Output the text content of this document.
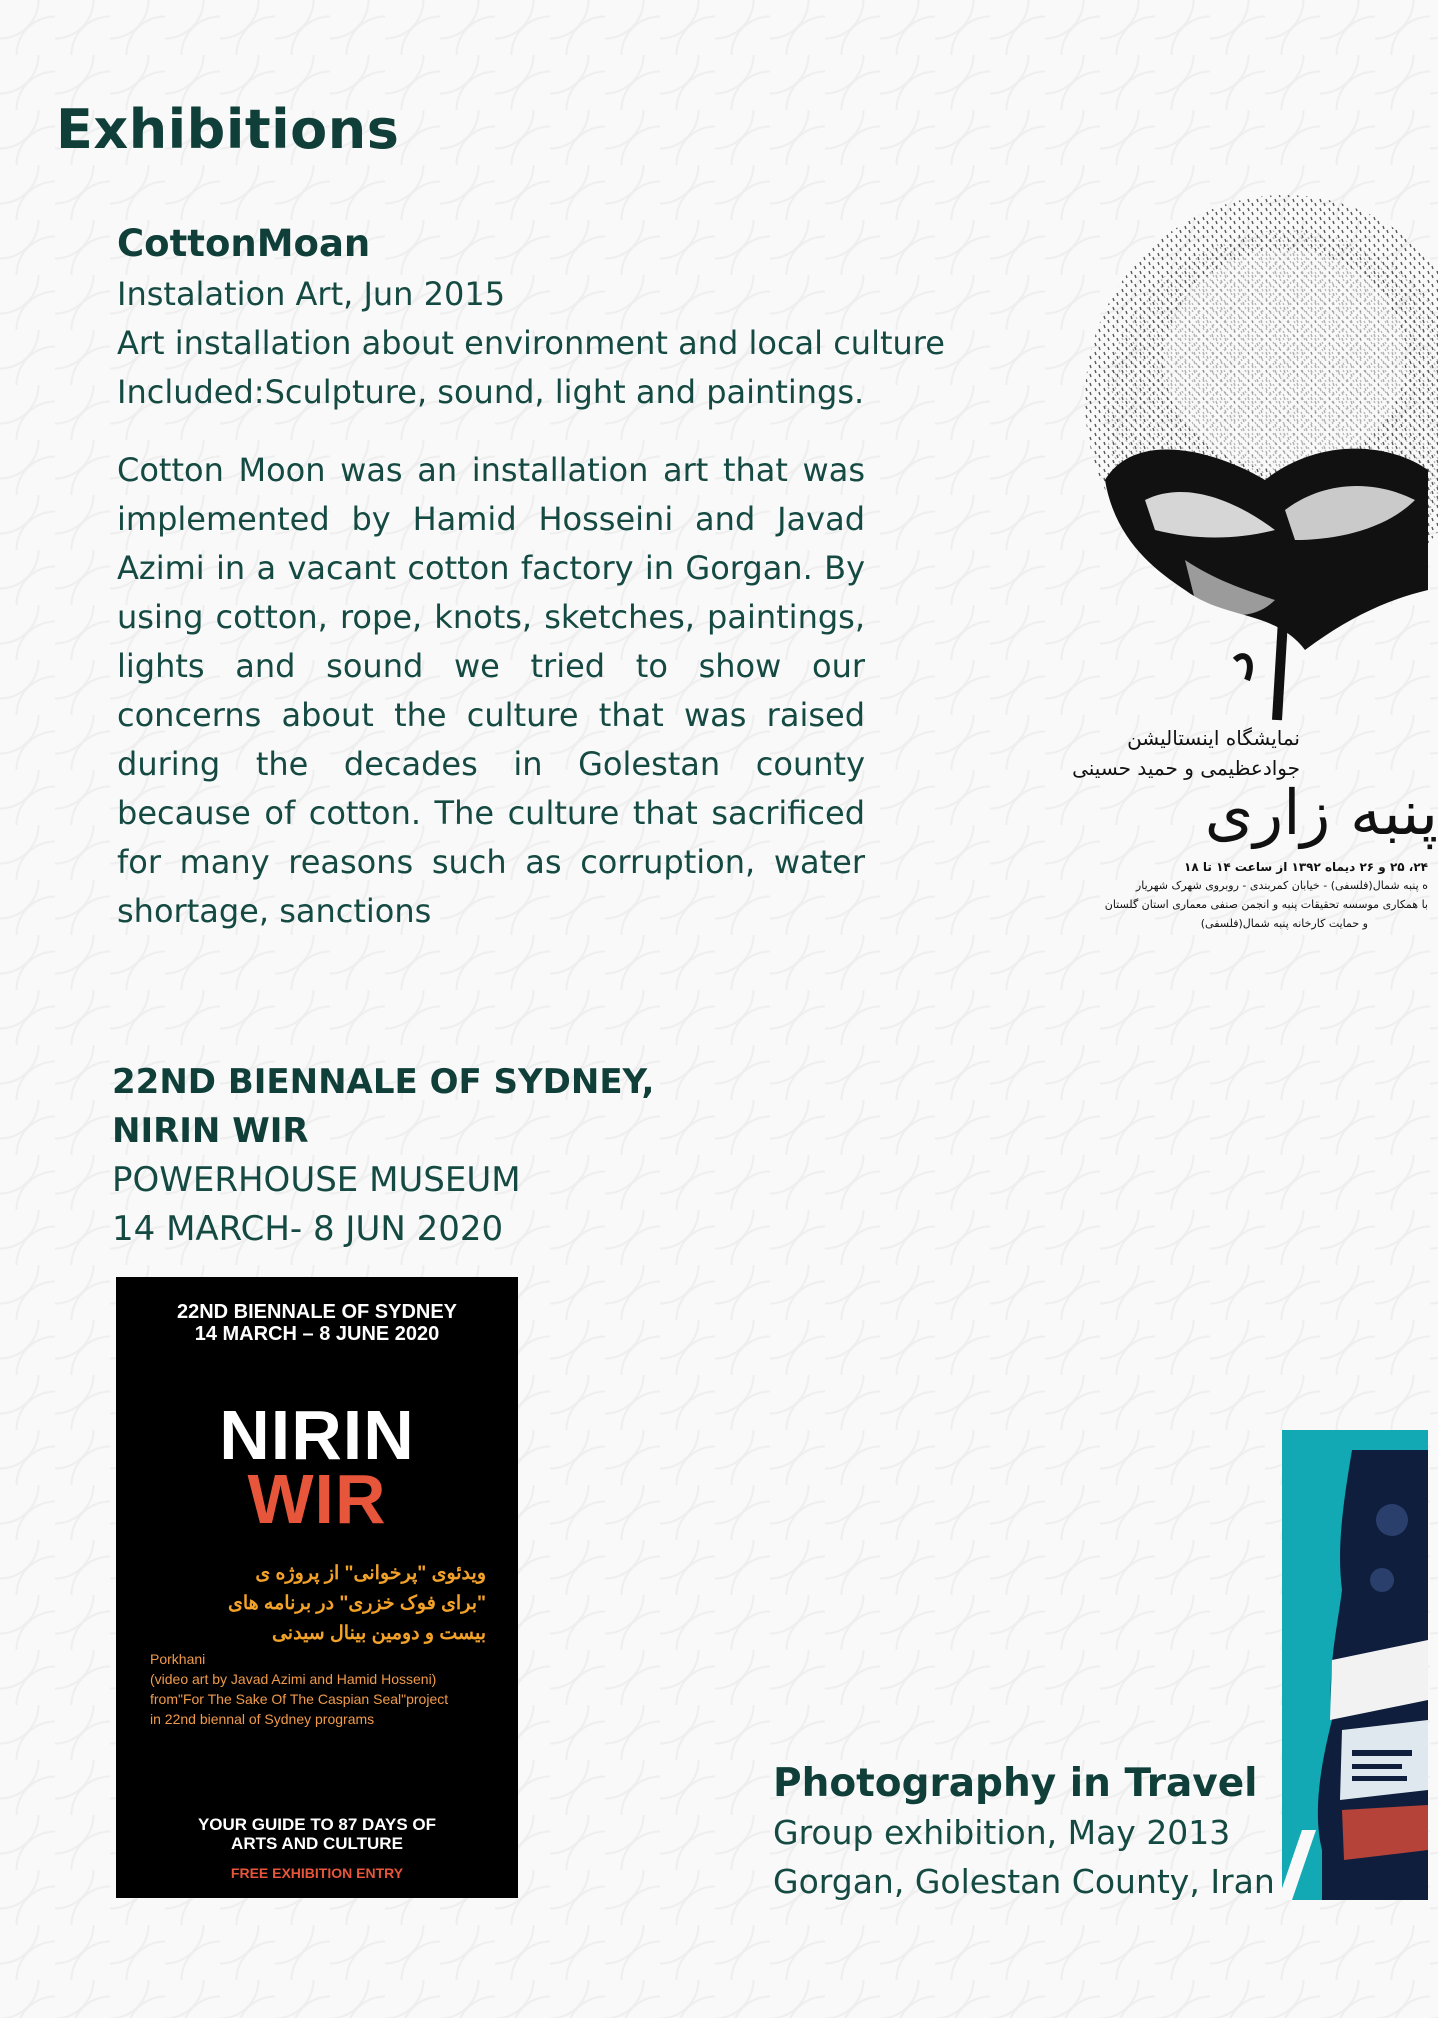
Exhibitions
CottonMoan
Instalation Art, Jun 2015
Art installation about environment and local culture
Included:Sculpture, sound, light and paintings.

Cotton Moon was an installation art that was implemented by Hamid Hosseini and Javad Azimi in a vacant cotton factory in Gorgan. By using cotton, rope, knots, sketches, paintings, lights and sound we tried to show our concerns about the culture that was raised during the decades in Golestan county because of cotton. The culture that sacrificed for many reasons such as corruption, water shortage, sanctions

نمایشگاه اینستالیشن
جوادعظیمی و حمید حسینی
پنبه زاری
۲۴، ۲۵ و ۲۶ دیماه ۱۳۹۲ از ساعت ۱۴ تا ۱۸
ه پنبه شمال(فلسفی) - خیابان کمربندی - روبروی شهرک شهریار
با همکاری موسسه تحقیقات پنبه و انجمن صنفی معماری استان گلستان
و حمایت کارخانه پنبه شمال(فلسفی)
22ND BIENNALE OF SYDNEY,
NIRIN WIR
POWERHOUSE MUSEUM
14 MARCH- 8 JUN 2020
22ND BIENNALE OF SYDNEY
14 MARCH – 8 JUNE 2020
NIRIN
WIR
ویدئوی "پرخوانی" از پروژه ی
"برای فوک خزری" در برنامه های
بیست و دومین بینال سیدنی
Porkhani
(video art by Javad Azimi and Hamid Hosseni)
from"For The Sake Of The Caspian Seal"project
in 22nd biennal of Sydney programs
YOUR GUIDE TO 87 DAYS OF
ARTS AND CULTURE
FREE EXHIBITION ENTRY
Photography in Travel
Group exhibition, May 2013
Gorgan, Golestan County, Iran
